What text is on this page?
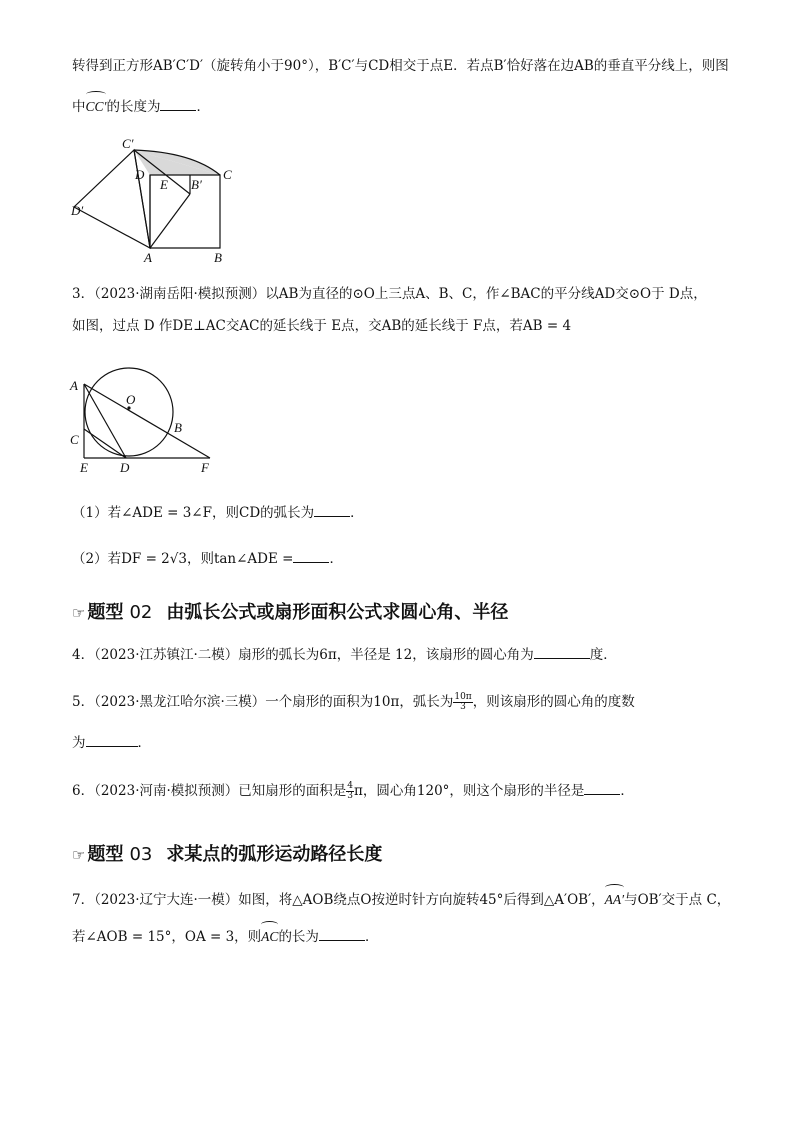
转得到正方形AB′C′D′（旋转角小于90°），B′C′与CD相交于点E．若点B′恰好落在边AB的垂直平分线上，则图
中CC′的长度为	．
C′
D
E B′
C
D′
A	B
3．（2023·湖南岳阳·模拟预测）以AB为直径的⊙O上三点A、B、C，作∠BAC的平分线AD交⊙O于 D点，
如图，过点 D 作DE⊥AC交AC的延长线于 E点，交AB的延长线于 F点，若AB = 4
A
O
B
C
E D	F
（1）若∠ADE = 3∠F，则CD的弧长为	．
（2）若DF = 2√3，则tan∠ADE =	．
☞ 题型 02 由弧长公式或扇形面积公式求圆心角、半径
4．（2023·江苏镇江·二模）扇形的弧长为6π，半径是 12，该扇形的圆心角为	度．
5．（2023·黑龙江哈尔滨·三模）一个扇形的面积为10π，弧长为 $\frac{10\pi}{3}$ ，则该扇形的圆心角的度数
为	．
6．（2023·河南·模拟预测）已知扇形的面积是 $\frac{4}{3}$ π，圆心角120°，则这个扇形的半径是	．
☞ 题型 03 求某点的弧形运动路径长度
7．（2023·辽宁大连·一模）如图，将△AOB绕点O按逆时针方向旋转45°后得到△A′OB′，AA′与OB′交于点 C，
若∠AOB = 15°，OA = 3，则AC的长为	．
